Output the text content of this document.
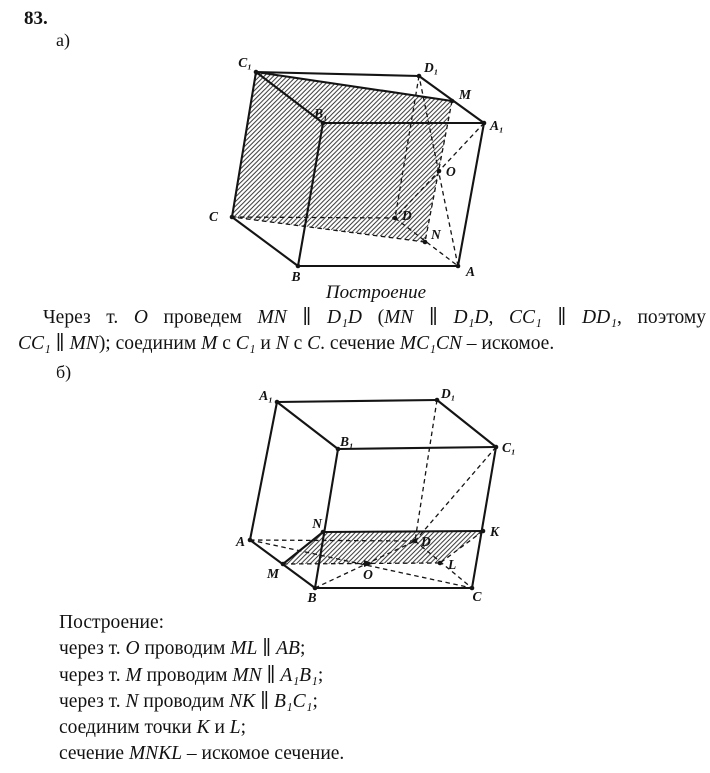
83.
а)
C₁	D₁
M
A₁
B₁
O
C	D
N
B	A
Построение
Через т. O проведем MN ∥ D₁D (MN ∥ D₁D, CC₁ ∥ DD₁, поэтому
CC₁ ∥ MN); соединим M с C₁ и N с C. сечение MC₁CN – искомое.
б)
A₁	D₁
B₁	C₁
N
K
A	D
M
L
O
B	C
Построение:
через т. O проводим ML ∥ AB;
через т. M проводим MN ∥ A₁B₁;
через т. N проводим NK ∥ B₁C₁;
соединим точки K и L;
сечение MNKL – искомое сечение.
